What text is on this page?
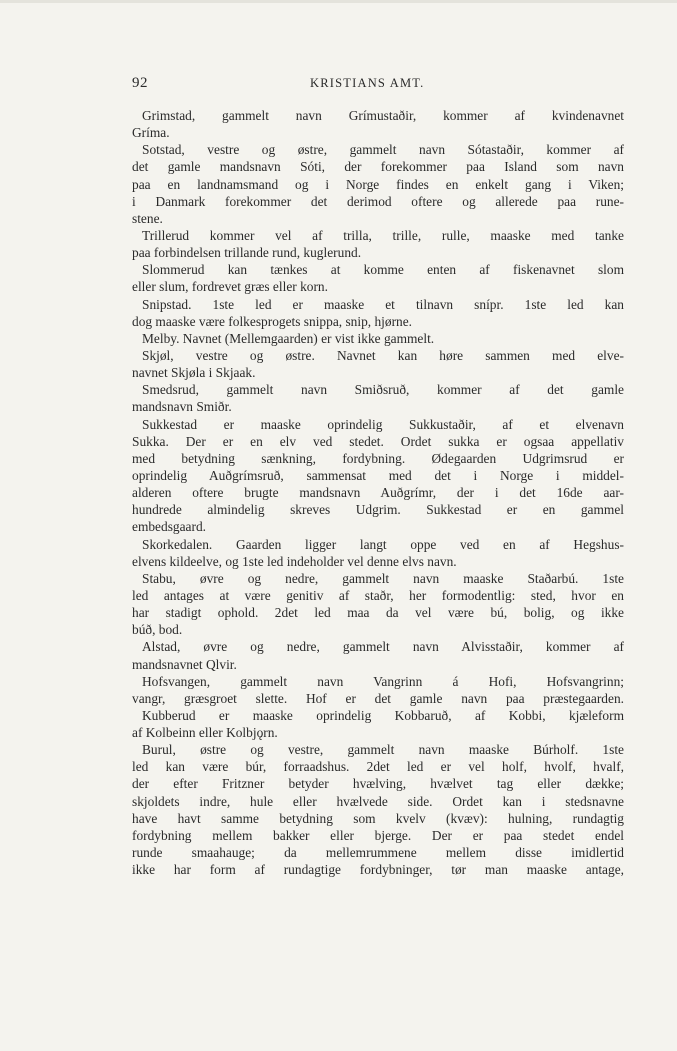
92	KRISTIANS AMT.
Grimstad, gammelt navn Grímustaðir, kommer af kvindenavnet
Gríma.
Sotstad, vestre og østre, gammelt navn Sótastaðir, kommer af
det gamle mandsnavn Sóti, der forekommer paa Island som navn
paa en landnamsmand og i Norge findes en enkelt gang i Viken;
i Danmark forekommer det derimod oftere og allerede paa rune-
stene.
Trillerud kommer vel af trilla, trille, rulle, maaske med tanke
paa forbindelsen trillande rund, kuglerund.
Slommerud kan tænkes at komme enten af fiskenavnet slom
eller slum, fordrevet græs eller korn.
Snipstad. 1ste led er maaske et tilnavn snípr. 1ste led kan
dog maaske være folkesprogets snippa, snip, hjørne.
Melby. Navnet (Mellemgaarden) er vist ikke gammelt.
Skjøl, vestre og østre. Navnet kan høre sammen med elve-
navnet Skjøla i Skjaak.
Smedsrud, gammelt navn Smiðsruð, kommer af det gamle
mandsnavn Smiðr.
Sukkestad er maaske oprindelig Sukkustaðir, af et elvenavn
Sukka. Der er en elv ved stedet. Ordet sukka er ogsaa appellativ
med betydning sænkning, fordybning. Ødegaarden Udgrimsrud er
oprindelig Auðgrímsruð, sammensat med det i Norge i middel-
alderen oftere brugte mandsnavn Auðgrímr, der i det 16de aar-
hundrede almindelig skreves Udgrim. Sukkestad er en gammel
embedsgaard.
Skorkedalen. Gaarden ligger langt oppe ved en af Hegshus-
elvens kildeelve, og 1ste led indeholder vel denne elvs navn.
Stabu, øvre og nedre, gammelt navn maaske Staðarbú. 1ste
led antages at være genitiv af staðr, her formodentlig: sted, hvor en
har stadigt ophold. 2det led maa da vel være bú, bolig, og ikke
búð, bod.
Alstad, øvre og nedre, gammelt navn Alvisstaðir, kommer af
mandsnavnet Qlvir.
Hofsvangen, gammelt navn Vangrinn á Hofi, Hofsvangrinn;
vangr, græsgroet slette. Hof er det gamle navn paa præstegaarden.
Kubberud er maaske oprindelig Kobbaruð, af Kobbi, kjæleform
af Kolbeinn eller Kolbjǫrn.
Burul, østre og vestre, gammelt navn maaske Búrholf. 1ste
led kan være búr, forraadshus. 2det led er vel holf, hvolf, hvalf,
der efter Fritzner betyder hvælving, hvælvet tag eller dække;
skjoldets indre, hule eller hvælvede side. Ordet kan i stedsnavne
have havt samme betydning som kvelv (kvæv): hulning, rundagtig
fordybning mellem bakker eller bjerge. Der er paa stedet endel
runde smaahauge; da mellemrummene mellem disse imidlertid
ikke har form af rundagtige fordybninger, tør man maaske antage,
